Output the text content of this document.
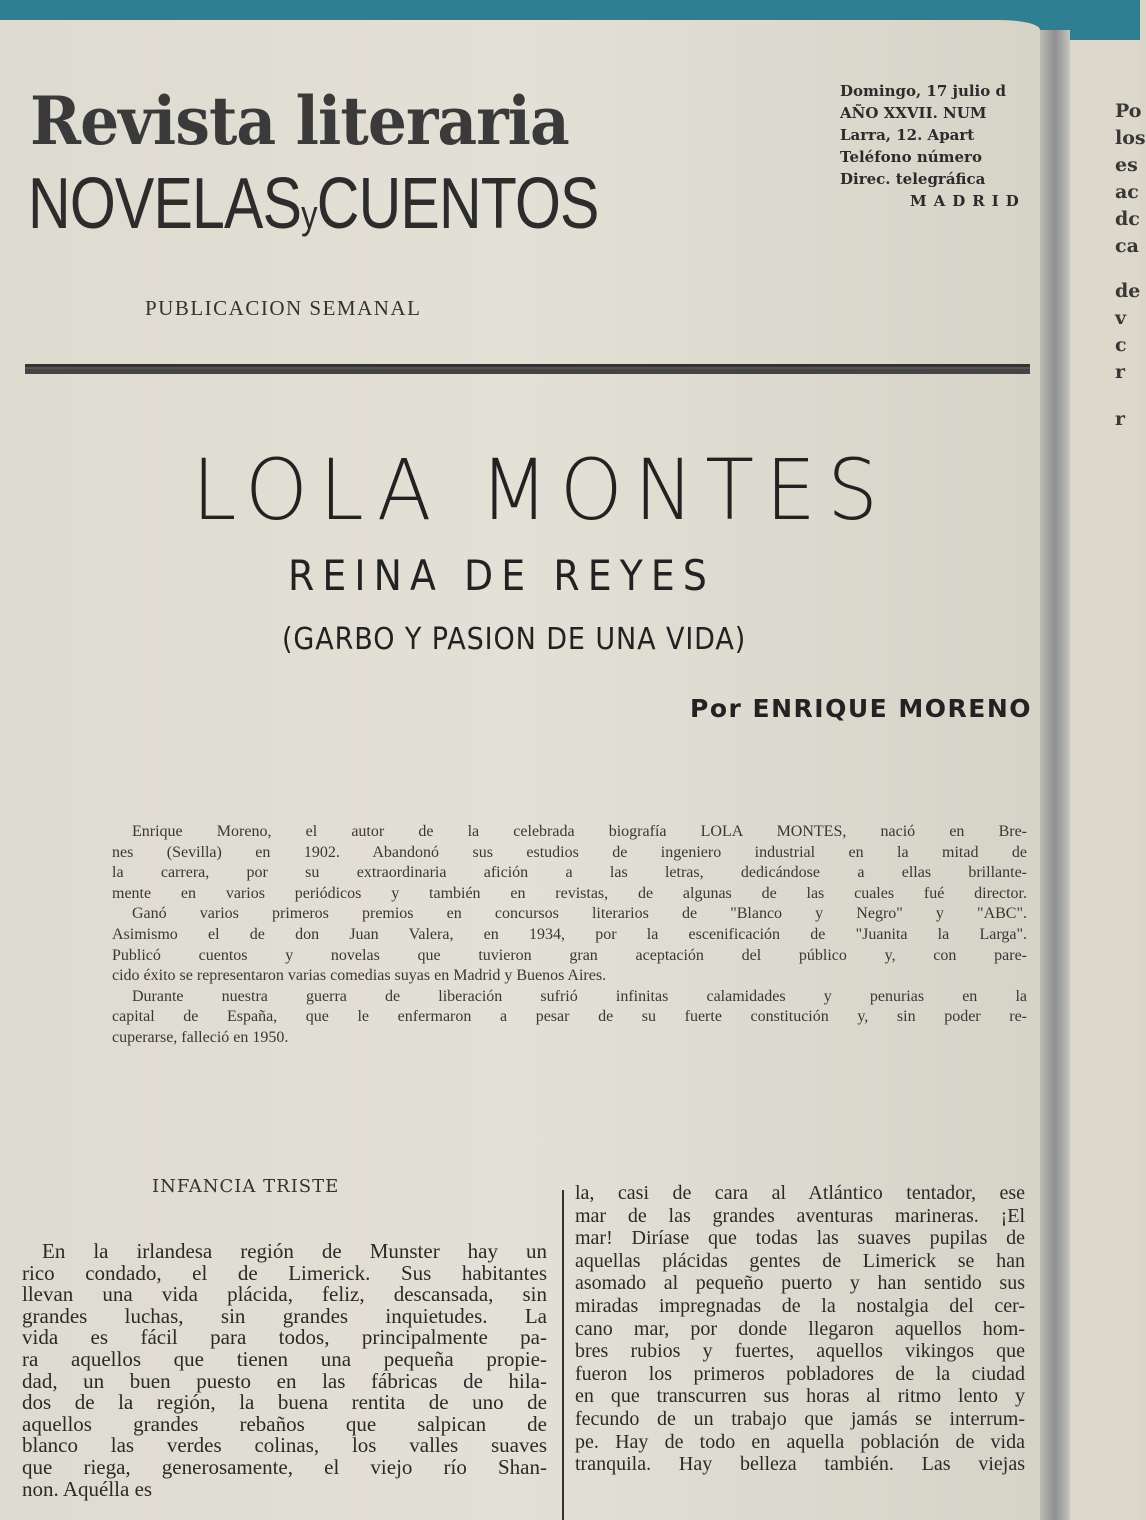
Po
los
es
ac
dc
ca
de
v
c
r
r
Revista literaria
NOVELASyCUENTOS
PUBLICACION SEMANAL
Domingo, 17 julio d
AÑO XXVII. NUM
Larra, 12. Apart
Teléfono número
Direc. telegráfica
MADRID
LOLA MONTES
REINA DE REYES
(GARBO Y PASION DE UNA VIDA)
Por ENRIQUE MORENO
Enrique Moreno, el autor de la celebrada biografía LOLA MONTES, nació en Bre-
nes (Sevilla) en 1902. Abandonó sus estudios de ingeniero industrial en la mitad de
la carrera, por su extraordinaria afición a las letras, dedicándose a ellas brillante-
mente en varios periódicos y también en revistas, de algunas de las cuales fué director.
Ganó varios primeros premios en concursos literarios de "Blanco y Negro" y "ABC".
Asimismo el de don Juan Valera, en 1934, por la escenificación de "Juanita la Larga".
Publicó cuentos y novelas que tuvieron gran aceptación del público y, con pare-
cido éxito se representaron varias comedias suyas en Madrid y Buenos Aires.
Durante nuestra guerra de liberación sufrió infinitas calamidades y penurias en la
capital de España, que le enfermaron a pesar de su fuerte constitución y, sin poder re-
cuperarse, falleció en 1950.
INFANCIA TRISTE
En la irlandesa región de Munster hay un
rico condado, el de Limerick. Sus habitantes
llevan una vida plácida, feliz, descansada, sin
grandes luchas, sin grandes inquietudes. La
vida es fácil para todos, principalmente pa-
ra aquellos que tienen una pequeña propie-
dad, un buen puesto en las fábricas de hila-
dos de la región, la buena rentita de uno de
aquellos grandes rebaños que salpican de
blanco las verdes colinas, los valles suaves
que riega, generosamente, el viejo río Shan-
non. Aquélla es
la, casi de cara al Atlántico tentador, ese
mar de las grandes aventuras marineras. ¡El
mar! Diríase que todas las suaves pupilas de
aquellas plácidas gentes de Limerick se han
asomado al pequeño puerto y han sentido sus
miradas impregnadas de la nostalgia del cer-
cano mar, por donde llegaron aquellos hom-
bres rubios y fuertes, aquellos vikingos que
fueron los primeros pobladores de la ciudad
en que transcurren sus horas al ritmo lento y
fecundo de un trabajo que jamás se interrum-
pe. Hay de todo en aquella población de vida
tranquila. Hay belleza también. Las viejas
